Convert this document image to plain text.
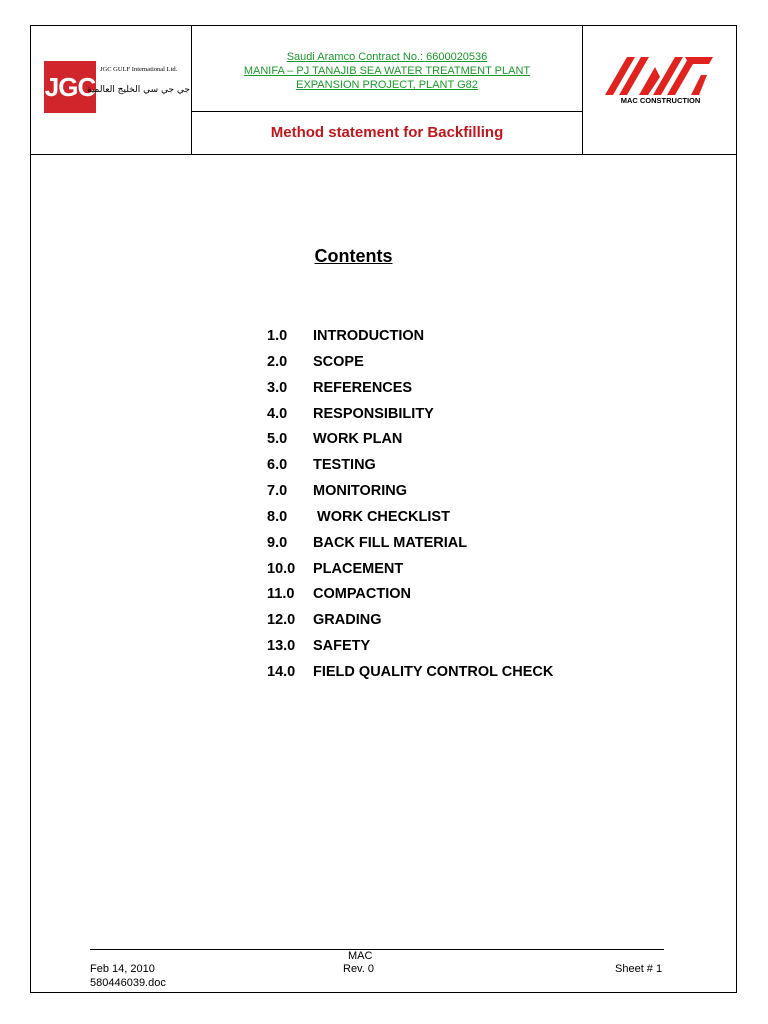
JGC
JGC GULF International Ltd.
جي جي سي الخليج العالمية
Saudi Aramco Contract No.: 6600020536
MANIFA – PJ TANAJIB SEA WATER TREATMENT PLANT
EXPANSION PROJECT, PLANT G82
Method statement for Backfilling
MAC CONSTRUCTION
Contents
1.0	INTRODUCTION
2.0	SCOPE
3.0	REFERENCES
4.0	RESPONSIBILITY
5.0	WORK PLAN
6.0	TESTING
7.0	MONITORING
8.0	WORK CHECKLIST
9.0	BACK FILL MATERIAL
10.0	PLACEMENT
11.0	COMPACTION
12.0	GRADING
13.0	SAFETY
14.0	FIELD QUALITY CONTROL CHECK
Feb 14, 2010
580446039.doc
MAC
Rev. 0	Sheet # 1
